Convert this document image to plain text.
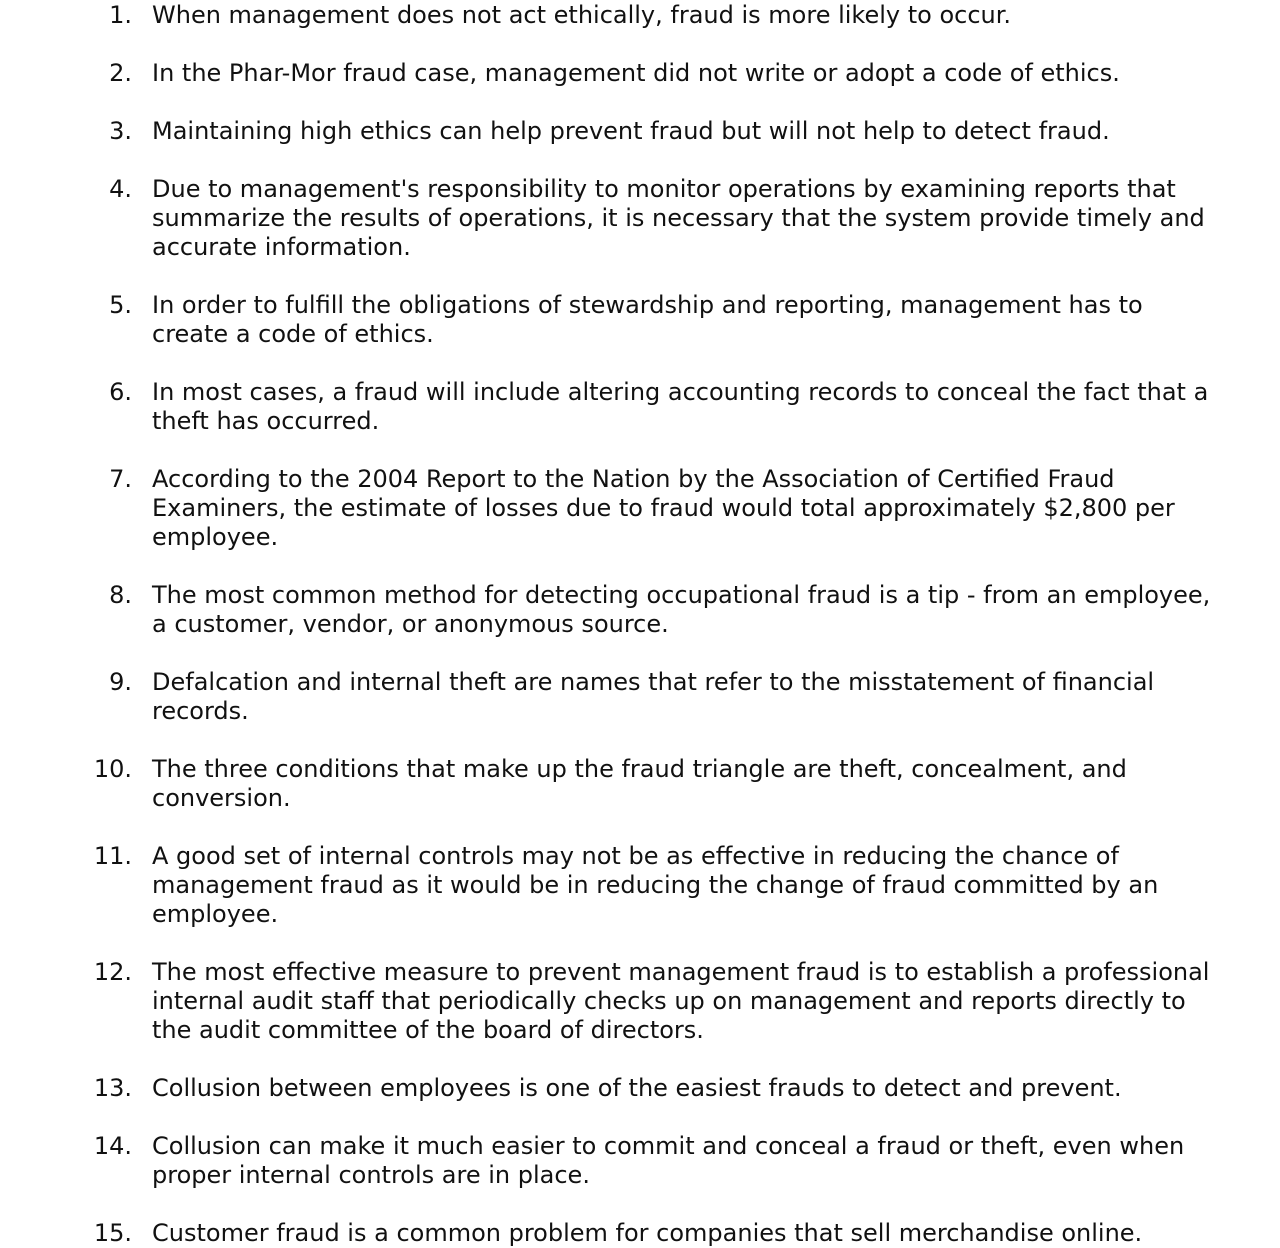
1. When management does not act ethically, fraud is more likely to occur.
2. In the Phar-Mor fraud case, management did not write or adopt a code of ethics.
3. Maintaining high ethics can help prevent fraud but will not help to detect fraud.
4. Due to management's responsibility to monitor operations by examining reports that summarize the results of operations, it is necessary that the system provide timely and accurate information.
5. In order to fulfill the obligations of stewardship and reporting, management has to create a code of ethics.
6. In most cases, a fraud will include altering accounting records to conceal the fact that a theft has occurred.
7. According to the 2004 Report to the Nation by the Association of Certified Fraud Examiners, the estimate of losses due to fraud would total approximately $2,800 per employee.
8. The most common method for detecting occupational fraud is a tip - from an employee, a customer, vendor, or anonymous source.
9. Defalcation and internal theft are names that refer to the misstatement of financial records.
10. The three conditions that make up the fraud triangle are theft, concealment, and conversion.
11. A good set of internal controls may not be as effective in reducing the chance of management fraud as it would be in reducing the change of fraud committed by an employee.
12. The most effective measure to prevent management fraud is to establish a professional internal audit staff that periodically checks up on management and reports directly to the audit committee of the board of directors.
13. Collusion between employees is one of the easiest frauds to detect and prevent.
14. Collusion can make it much easier to commit and conceal a fraud or theft, even when proper internal controls are in place.
15. Customer fraud is a common problem for companies that sell merchandise online.
